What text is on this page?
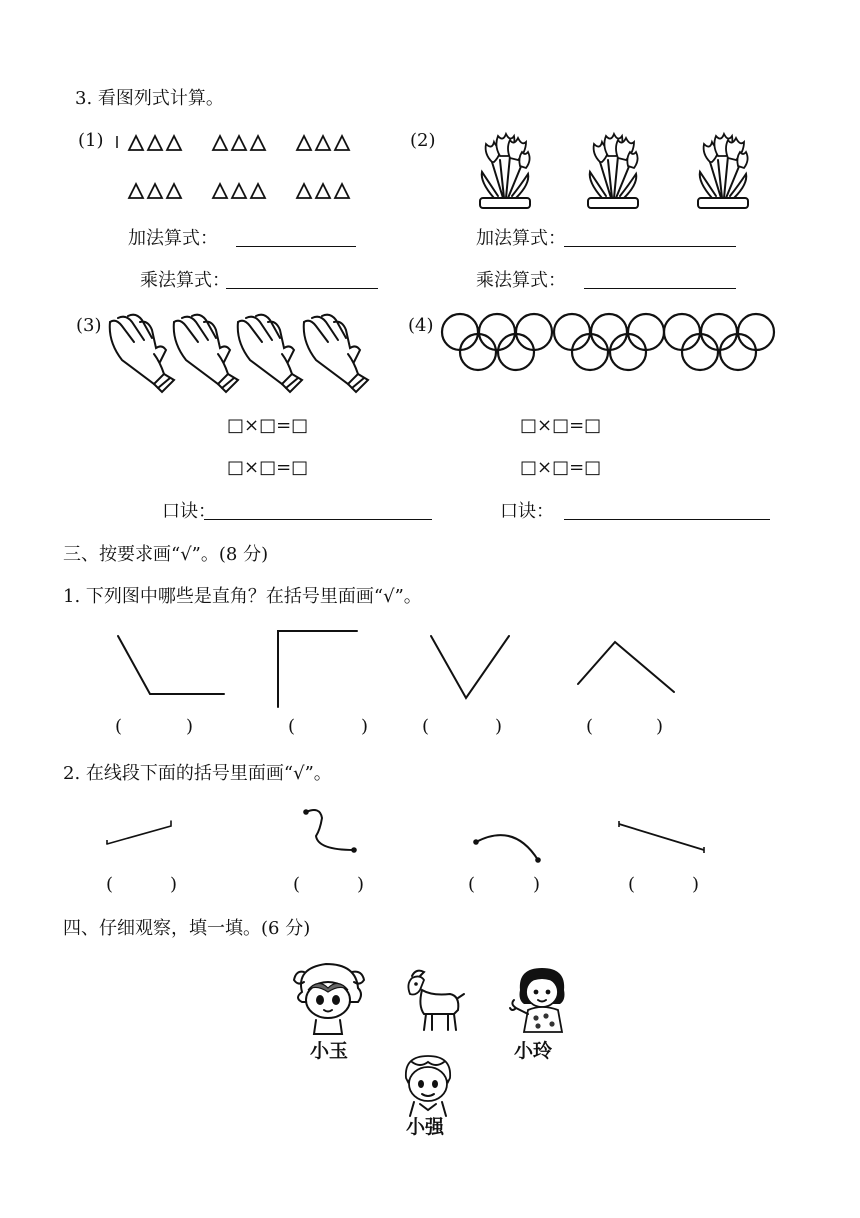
3. 看图列式计算。
(1)
加法算式：
乘法算式：
(2)
加法算式：
乘法算式：
(3)
□×□=□
□×□=□
口诀：
(4)
□×□=□
□×□=□
口诀：
三、按要求画“√”。(8 分)
1. 下列图中哪些是直角？在括号里面画“√”。
(	)	(	)	(	)	(	)
2. 在线段下面的括号里面画“√”。
(	)	(	)	(	)	(	)
四、仔细观察，填一填。(6 分)
小玉	小玲
小强
